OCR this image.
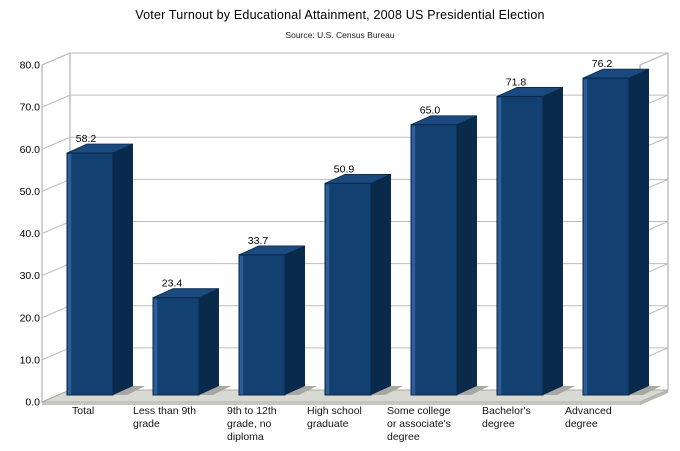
Voter Turnout by Educational Attainment, 2008 US Presidential Election
Source: U.S. Census Bureau
58.2
23.4
33.7
50.9
65.0
71.8
76.2
0.0
10.0
20.0
30.0
40.0
50.0
60.0
70.0
80.0
Total	Less than 9th
grade
9th to 12th
grade, no
diploma
High school
graduate
Some college
or associate's
degree
Bachelor's
degree
Advanced
degree
